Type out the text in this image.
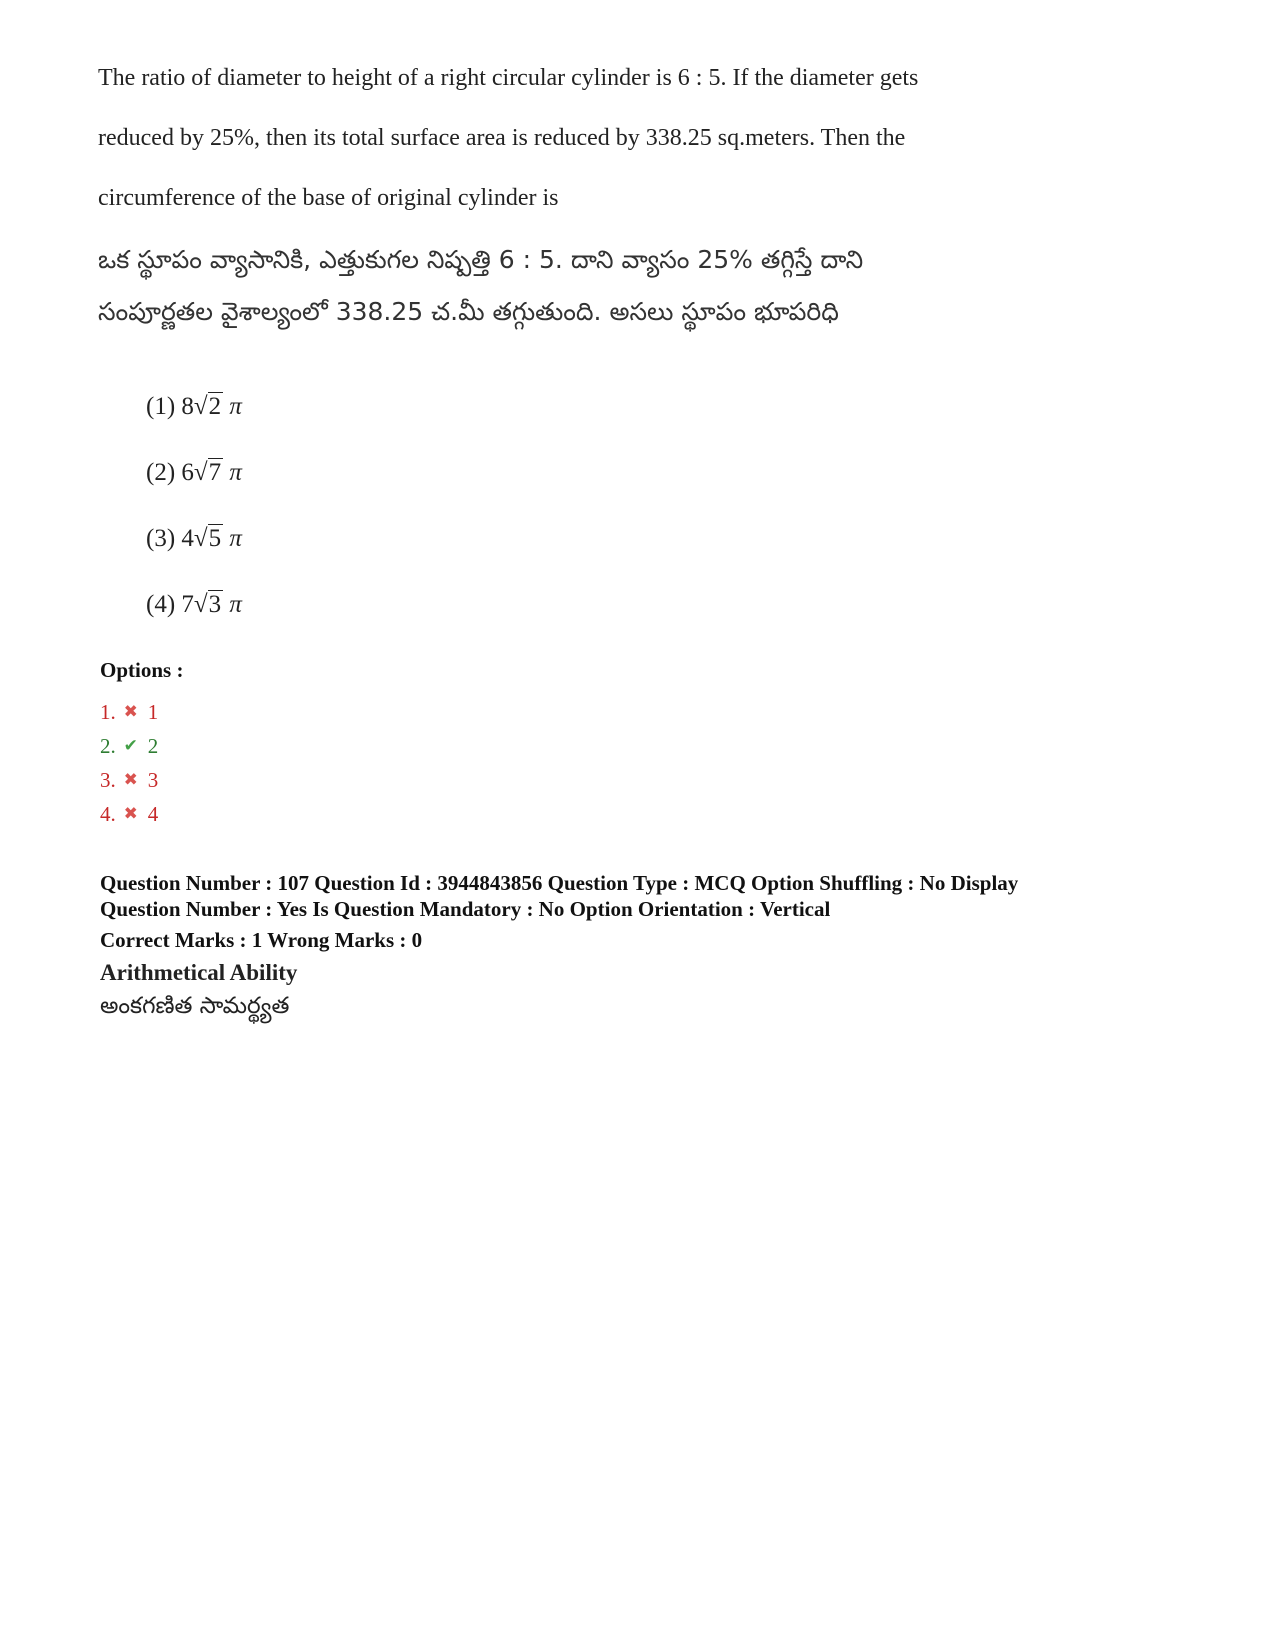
The ratio of diameter to height of a right circular cylinder is 6 : 5. If the diameter gets
reduced by 25%, then its total surface area is reduced by 338.25 sq.meters. Then the
circumference of the base of original cylinder is
ఒక స్థూపం వ్యాసానికి, ఎత్తుకుగల నిష్పత్తి 6 : 5. దాని వ్యాసం 25% తగ్గిస్తే దాని
సంపూర్ణతల వైశాల్యంలో 338.25 చ.మీ తగ్గుతుంది. అసలు స్థూపం భూపరిధి
(1) 8√2 π
(2) 6√7 π
(3) 4√5 π
(4) 7√3 π
Options :
1. ✖ 1
2. ✔ 2
3. ✖ 3
4. ✖ 4
Question Number : 107 Question Id : 3944843856 Question Type : MCQ Option Shuffling : No Display
Question Number : Yes Is Question Mandatory : No Option Orientation : Vertical
Correct Marks : 1 Wrong Marks : 0
Arithmetical Ability
అంకగణిత సామర్థ్యత
